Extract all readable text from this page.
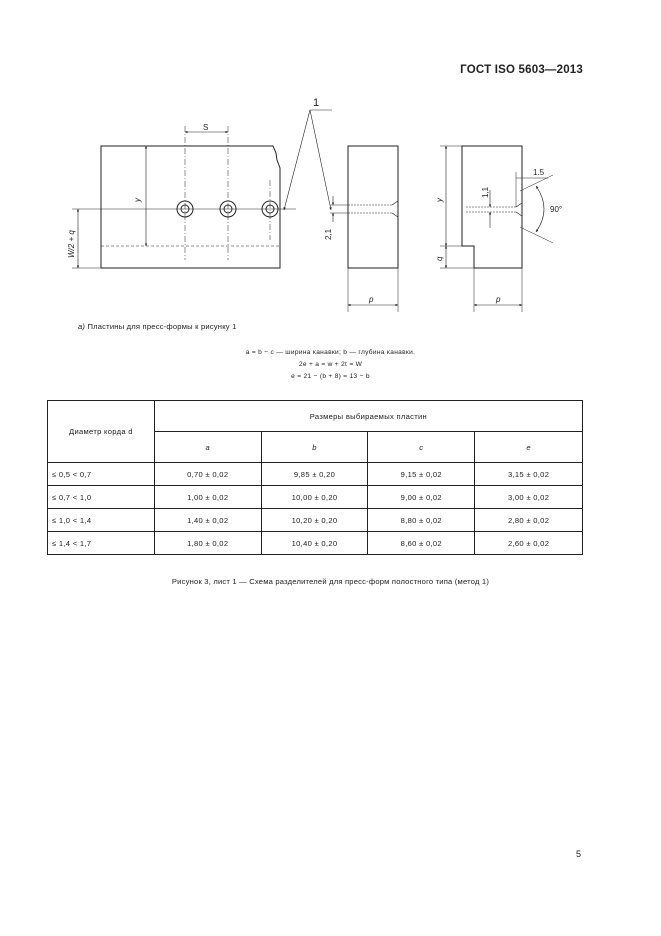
ГОСТ ISO 5603—2013
S
y
W/2 + q
1
2,1
p
1.5
1,1
90°
y
q
p
а) Пластины для пресс-формы к рисунку 1
a = b − c — ширина канавки; b — глубина канавки.
2e + a = w + 2t = W
e = 21 − (b + 8) = 13 − b
Диаметр корда d	Размеры выбираемых пластин			
	a	b	c	e
≤ 0,5 < 0,7	0,70 ± 0,02	9,85 ± 0,20	9,15 ± 0,02	3,15 ± 0,02
≤ 0,7 < 1,0	1,00 ± 0,02	10,00 ± 0,20	9,00 ± 0,02	3,00 ± 0,02
≤ 1,0 < 1,4	1,40 ± 0,02	10,20 ± 0,20	8,80 ± 0,02	2,80 ± 0,02
≤ 1,4 < 1,7	1,80 ± 0,02	10,40 ± 0,20	8,60 ± 0,02	2,60 ± 0,02
Рисунок 3, лист 1 — Схема разделителей для пресс-форм полостного типа (метод 1)
5
